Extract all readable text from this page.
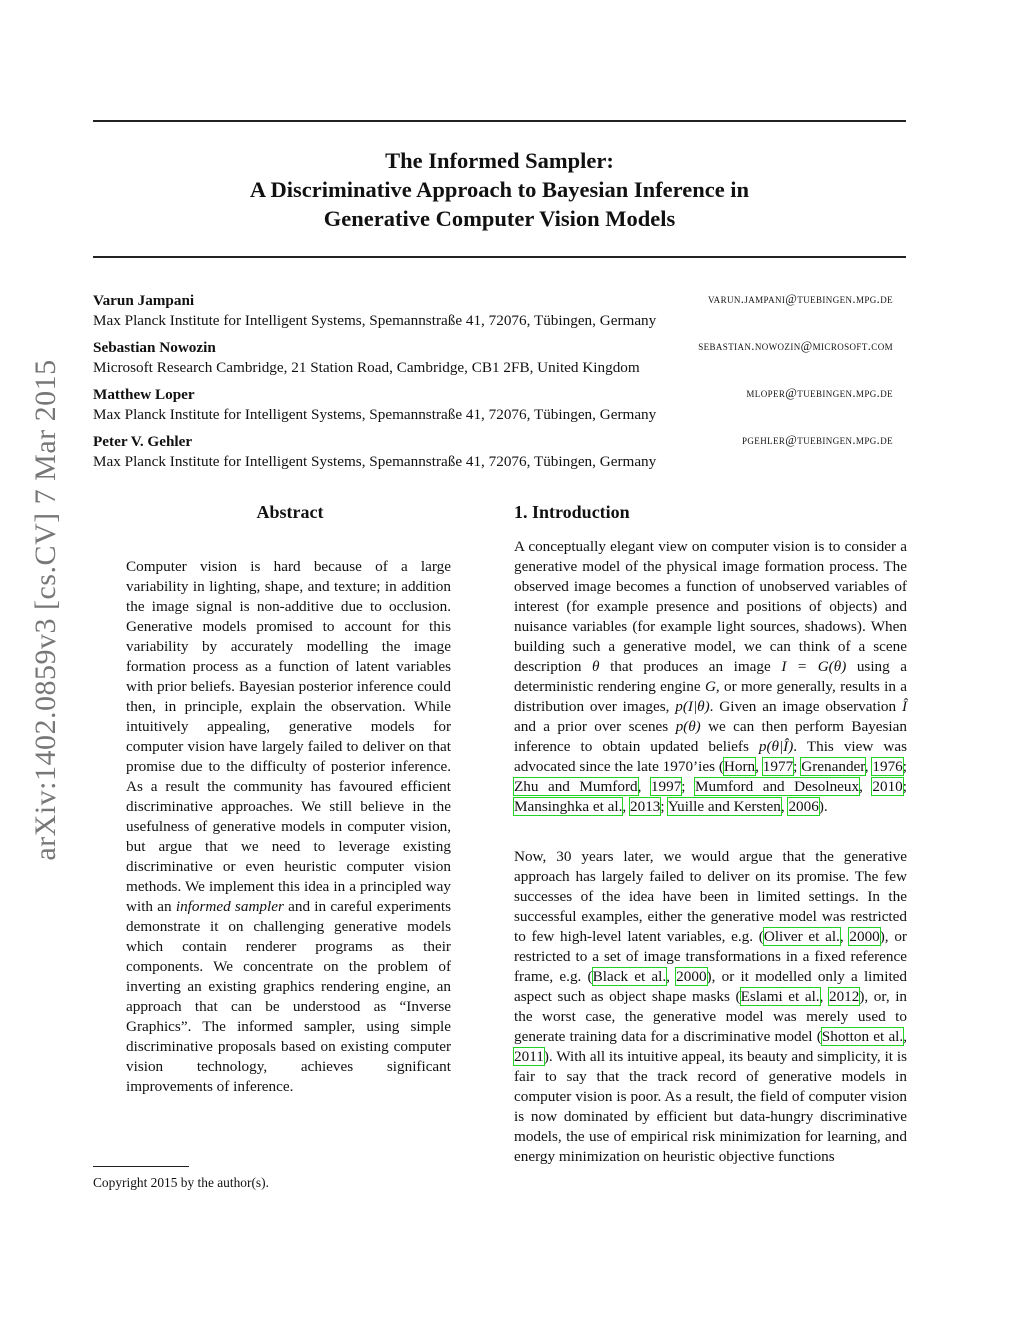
arXiv:1402.0859v3 [cs.CV] 7 Mar 2015
The Informed Sampler:
A Discriminative Approach to Bayesian Inference in
Generative Computer Vision Models
Varun Jampani	varun.jampani@tuebingen.mpg.de
Max Planck Institute for Intelligent Systems, Spemannstraße 41, 72076, Tübingen, Germany
Sebastian Nowozin	sebastian.nowozin@microsoft.com
Microsoft Research Cambridge, 21 Station Road, Cambridge, CB1 2FB, United Kingdom
Matthew Loper	mloper@tuebingen.mpg.de
Max Planck Institute for Intelligent Systems, Spemannstraße 41, 72076, Tübingen, Germany
Peter V. Gehler	pgehler@tuebingen.mpg.de
Max Planck Institute for Intelligent Systems, Spemannstraße 41, 72076, Tübingen, Germany
Abstract

Computer vision is hard because of a large variability in lighting, shape, and texture; in addition the image signal is non-additive due to occlusion. Generative models promised to account for this variability by accurately modelling the image formation process as a function of latent variables with prior beliefs. Bayesian posterior inference could then, in principle, explain the observation. While intuitively appealing, generative models for computer vision have largely failed to deliver on that promise due to the difficulty of posterior inference. As a result the community has favoured efficient discriminative approaches. We still believe in the usefulness of generative models in computer vision, but argue that we need to leverage existing discriminative or even heuristic computer vision methods. We implement this idea in a principled way with an informed sampler and in careful experiments demonstrate it on challenging generative models which contain renderer programs as their components. We concentrate on the problem of inverting an existing graphics rendering engine, an approach that can be understood as “Inverse Graphics”. The informed sampler, using simple discriminative proposals based on existing computer vision technology, achieves significant improvements of inference.

Copyright 2015 by the author(s).
1. Introduction

A conceptually elegant view on computer vision is to consider a generative model of the physical image formation process. The observed image becomes a function of unobserved variables of interest (for example presence and positions of objects) and nuisance variables (for example light sources, shadows). When building such a generative model, we can think of a scene description θ that produces an image I = G(θ) using a deterministic rendering engine G, or more generally, results in a distribution over images, p(I|θ). Given an image observation Î and a prior over scenes p(θ) we can then perform Bayesian inference to obtain updated beliefs p(θ|Î). This view was advocated since the late 1970’ies (Horn, 1977; Grenander, 1976; Zhu and Mumford, 1997; Mumford and Desolneux, 2010; Mansinghka et al., 2013; Yuille and Kersten, 2006).

Now, 30 years later, we would argue that the generative approach has largely failed to deliver on its promise. The few successes of the idea have been in limited settings. In the successful examples, either the generative model was restricted to few high-level latent variables, e.g. (Oliver et al., 2000), or restricted to a set of image transformations in a fixed reference frame, e.g. (Black et al., 2000), or it modelled only a limited aspect such as object shape masks (Eslami et al., 2012), or, in the worst case, the generative model was merely used to generate training data for a discriminative model (Shotton et al., 2011). With all its intuitive appeal, its beauty and simplicity, it is fair to say that the track record of generative models in computer vision is poor. As a result, the field of computer vision is now dominated by efficient but data-hungry discriminative models, the use of empirical risk minimization for learning, and energy minimization on heuristic objective functions
